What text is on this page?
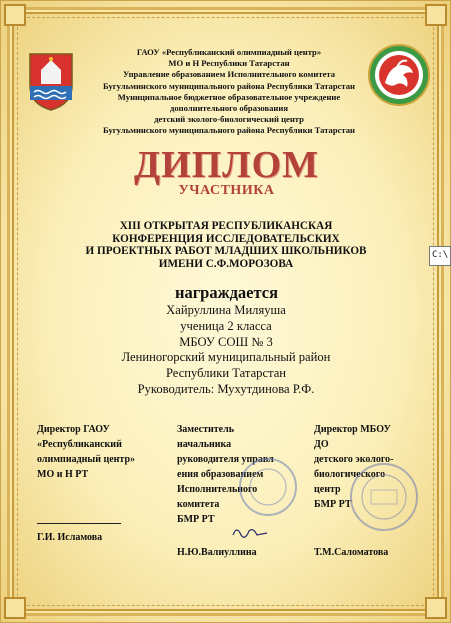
ГАОУ «Республиканский олимпиадный центр»
МО и Н Республики Татарстан
Управление образованием Исполнительного комитета
Бугульминского муниципального района Республики Татарстан
Муниципальное бюджетное образовательное учреждение
дополнительного образования
детский эколого-биологический центр
Бугульминского муниципального района Республики Татарстан
ДИПЛОМ
УЧАСТНИКА
XIII ОТКРЫТАЯ РЕСПУБЛИКАНСКАЯ
КОНФЕРЕНЦИЯ ИССЛЕДОВАТЕЛЬСКИХ
И ПРОЕКТНЫХ РАБОТ МЛАДШИХ ШКОЛЬНИКОВ
ИМЕНИ С.Ф.МОРОЗОВА
награждается
Хайруллина Миляуша
ученица 2 класса
МБОУ СОШ № 3
Лениногорский муниципальный район
Республики Татарстан
Руководитель: Мухутдинова Р.Ф.
Директор ГАОУ
«Республиканский
олимпиадный центр»
МО и Н РТ
Г.И. Исламова
Заместитель
начальника
руководителя управл
ения образованием
Исполнительного
комитета
БМР РТ
Н.Ю.Валиуллина
Директор МБОУ
ДО
детского эколого-
биологического
центр
БМР РТ
Т.М.Саломатова
C:\
